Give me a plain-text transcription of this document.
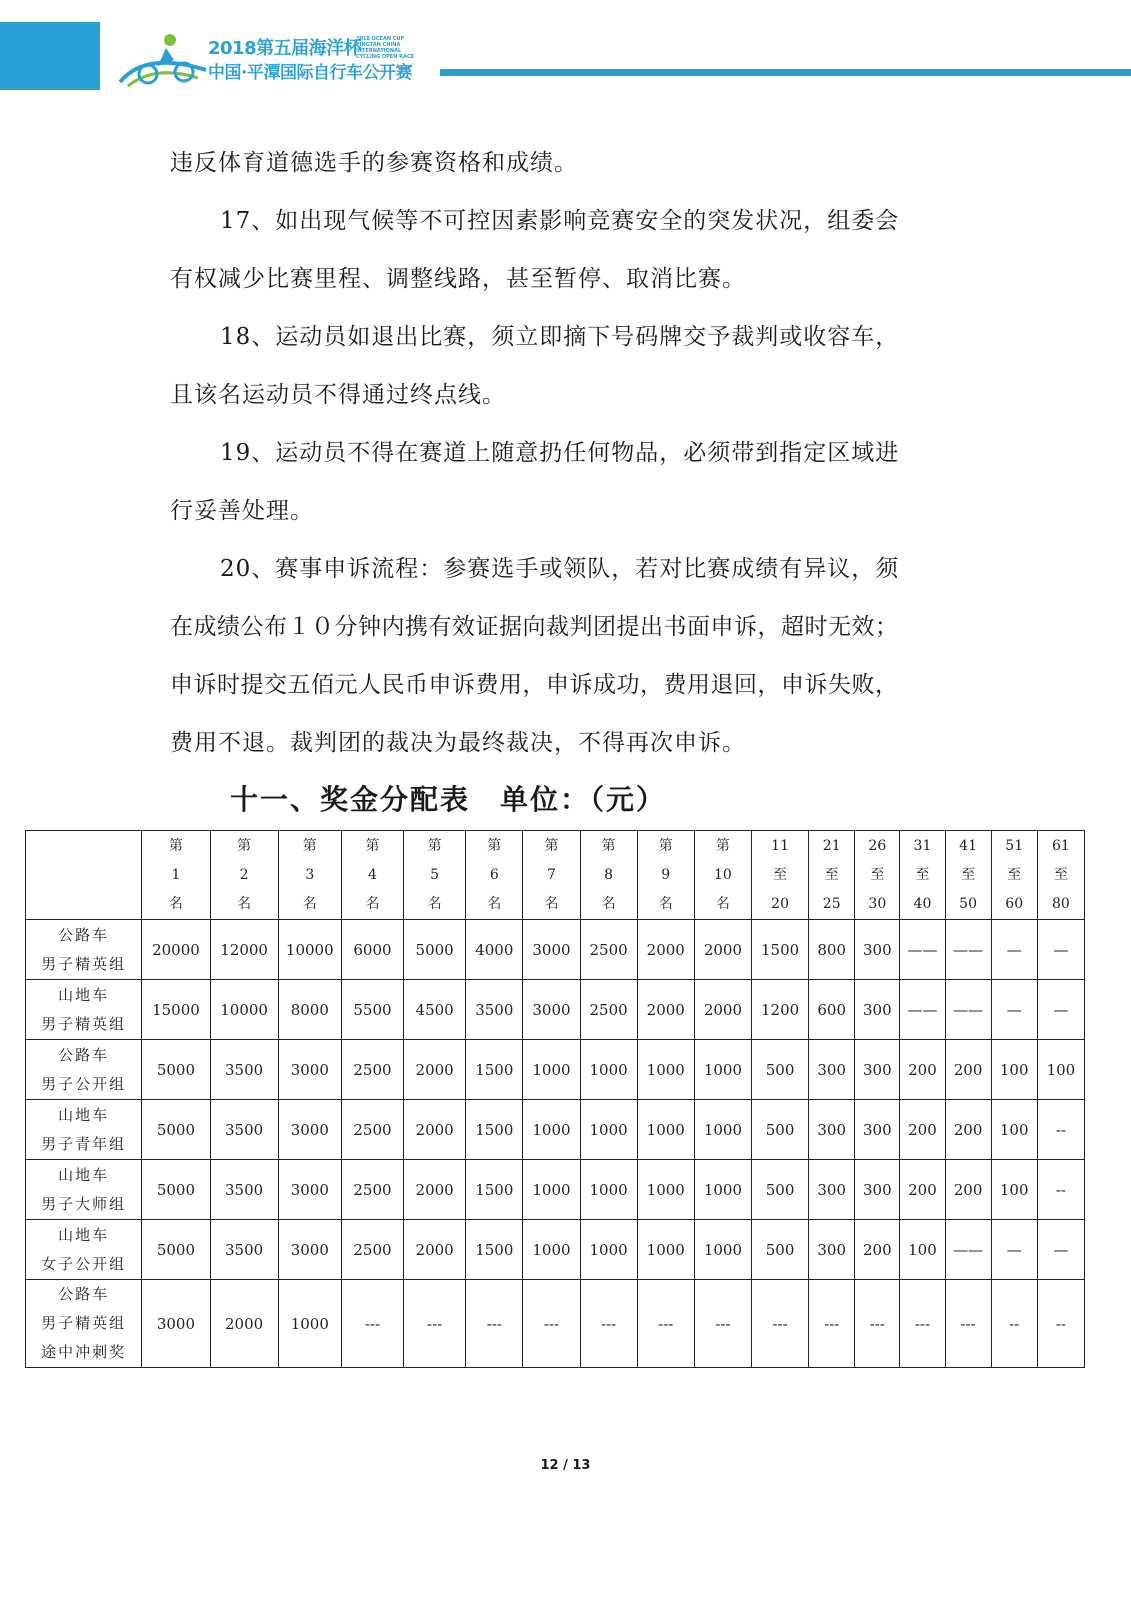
2018第五届海洋杯
2018 OCEAN CUP PINGTAN CHINA INTERNATIONAL CYCLING OPEN RACE
中国·平潭国际自行车公开赛
违反体育道德选手的参赛资格和成绩。
17、如出现气候等不可控因素影响竞赛安全的突发状况，组委会
有权减少比赛里程、调整线路，甚至暂停、取消比赛。
18、运动员如退出比赛，须立即摘下号码牌交予裁判或收容车，
且该名运动员不得通过终点线。
19、运动员不得在赛道上随意扔任何物品，必须带到指定区域进
行妥善处理。
20、赛事申诉流程：参赛选手或领队，若对比赛成绩有异议，须
在成绩公布１０分钟内携有效证据向裁判团提出书面申诉，超时无效；
申诉时提交五佰元人民币申诉费用，申诉成功，费用退回，申诉失败，
费用不退。裁判团的裁决为最终裁决，不得再次申诉。
十一、奖金分配表　单位：（元）

	第
1
名	第
2
名	第
3
名	第
4
名	第
5
名	第
6
名	第
7
名	第
8
名	第
9
名	第
10
名	11
至
20	21
至
25	26
至
30	31
至
40	41
至
50	51
至
60	61
至
80

公路车
男子精英组	20000	12000	10000	6000	5000	4000	3000	2500	2000	2000	1500	800	300	——	——	—	—

山地车
男子精英组	15000	10000	8000	5500	4500	3500	3000	2500	2000	2000	1200	600	300	——	——	—	—

公路车
男子公开组	5000	3500	3000	2500	2000	1500	1000	1000	1000	1000	500	300	300	200	200	100	100

山地车
男子青年组	5000	3500	3000	2500	2000	1500	1000	1000	1000	1000	500	300	300	200	200	100	--

山地车
男子大师组	5000	3500	3000	2500	2000	1500	1000	1000	1000	1000	500	300	300	200	200	100	--

山地车
女子公开组	5000	3500	3000	2500	2000	1500	1000	1000	1000	1000	500	300	200	100	——	—	—

公路车
男子精英组
途中冲刺奖	3000	2000	1000	---	---	---	---	---	---	---	---	---	---	---	---	--	--
12 / 13
